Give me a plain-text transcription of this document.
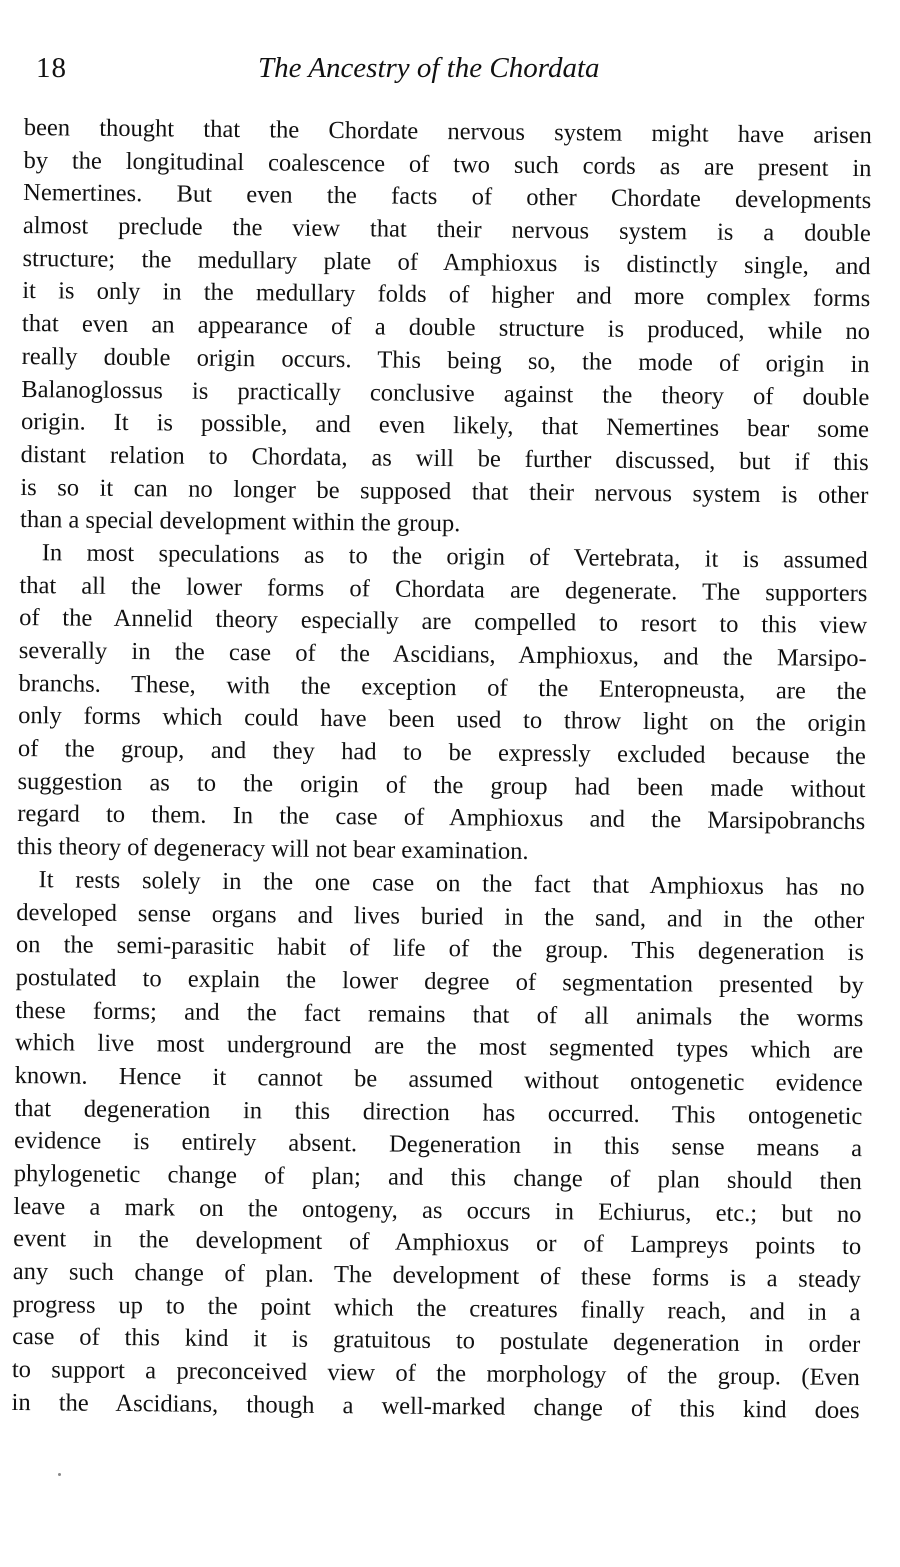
18	The Ancestry of the Chordata
been thought that the Chordate nervous system might have arisen
by the longitudinal coalescence of two such cords as are present in
Nemertines. But even the facts of other Chordate developments
almost preclude the view that their nervous system is a double
structure; the medullary plate of Amphioxus is distinctly single, and
it is only in the medullary folds of higher and more complex forms
that even an appearance of a double structure is produced, while no
really double origin occurs. This being so, the mode of origin in
Balanoglossus is practically conclusive against the theory of double
origin. It is possible, and even likely, that Nemertines bear some
distant relation to Chordata, as will be further discussed, but if this
is so it can no longer be supposed that their nervous system is other
than a special development within the group.
In most speculations as to the origin of Vertebrata, it is assumed
that all the lower forms of Chordata are degenerate. The supporters
of the Annelid theory especially are compelled to resort to this view
severally in the case of the Ascidians, Amphioxus, and the Marsipo-
branchs. These, with the exception of the Enteropneusta, are the
only forms which could have been used to throw light on the origin
of the group, and they had to be expressly excluded because the
suggestion as to the origin of the group had been made without
regard to them. In the case of Amphioxus and the Marsipobranchs
this theory of degeneracy will not bear examination.
It rests solely in the one case on the fact that Amphioxus has no
developed sense organs and lives buried in the sand, and in the other
on the semi-parasitic habit of life of the group. This degeneration is
postulated to explain the lower degree of segmentation presented by
these forms; and the fact remains that of all animals the worms
which live most underground are the most segmented types which are
known. Hence it cannot be assumed without ontogenetic evidence
that degeneration in this direction has occurred. This ontogenetic
evidence is entirely absent. Degeneration in this sense means a
phylogenetic change of plan; and this change of plan should then
leave a mark on the ontogeny, as occurs in Echiurus, etc.; but no
event in the development of Amphioxus or of Lampreys points to
any such change of plan. The development of these forms is a steady
progress up to the point which the creatures finally reach, and in a
case of this kind it is gratuitous to postulate degeneration in order
to support a preconceived view of the morphology of the group. (Even
in the Ascidians, though a well-marked change of this kind does
